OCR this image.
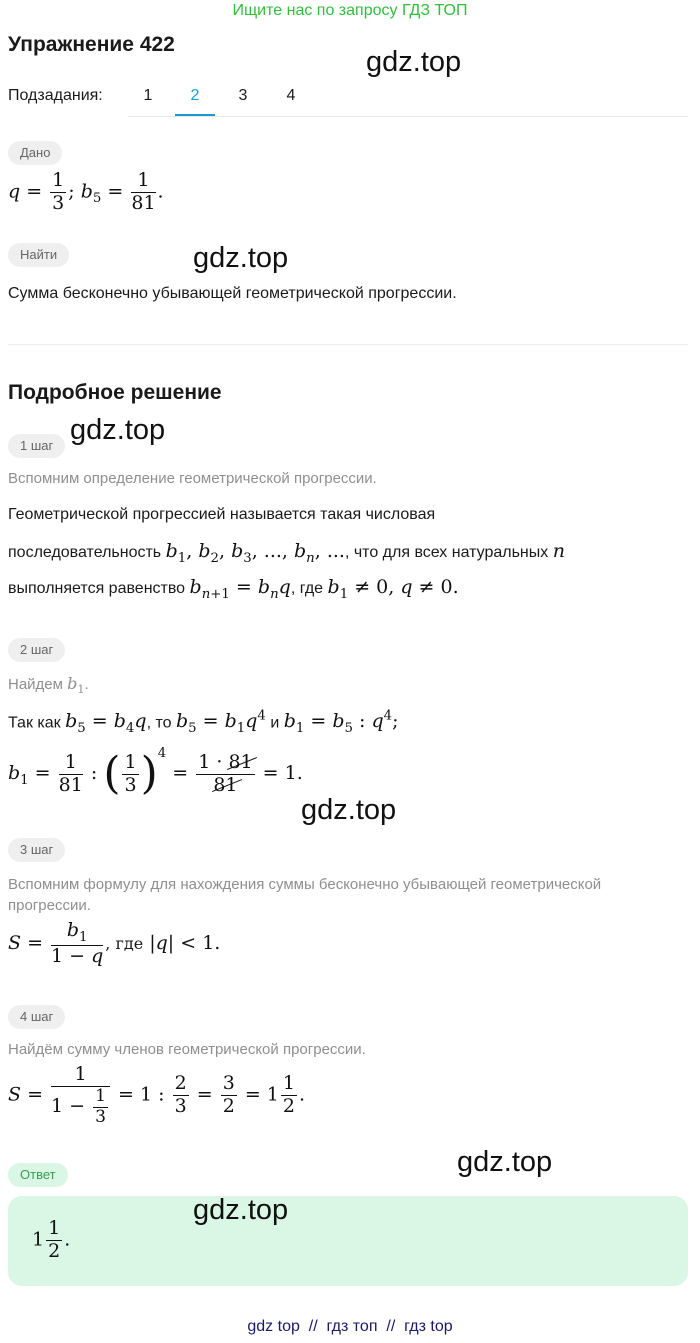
Ищите нас по запросу ГДЗ ТОП
Упражнение 422
gdz.top
gdz.top
gdz.top
gdz.top
gdz.top
gdz.top
Подзадания:	1	2	3	4
Дано
$q = \frac{1}{3}$ ; $b_5 = \frac{1}{81}$ .
Найти
Сумма бесконечно убывающей геометрической прогрессии.
Подробное решение
1 шаг
Вспомним определение геометрической прогрессии.
Геометрической прогрессией называется такая числовая
последовательность $b_1$, $b_2$, $b_3$, ..., $b_n$, ..., что для всех натуральных n
выполняется равенство $b_{n+1} = b_nq$, где $b_1 \ne 0$, q ≠ 0.
2 шаг
Найдем $b_1$.
Так как $b_5 = b_4q$, то $b_5 = b_1q^4$ и $b_1 = b_5$ : $q^4$;
$b_1 = \frac{1}{81}$ : ( $\frac{1}{3} )^4 = \frac{1 \cdot 81}{81} = 1$.
3 шаг
Вспомним формулу для нахождения суммы бесконечно убывающей геометрической прогрессии.
$S = \frac{b_1}{1 - q}$ , где |q| < 1.
4 шаг
Найдём сумму членов геометрической прогрессии.
$S = \frac{1}{1 - \frac{1}{3}} = 1$ : $\frac{2}{3} = \frac{3}{2} = 1 \frac{1}{2}$ .
Ответ
$1 \frac{1}{2}$ .
gdz top  //  гдз топ  //  гдз top
